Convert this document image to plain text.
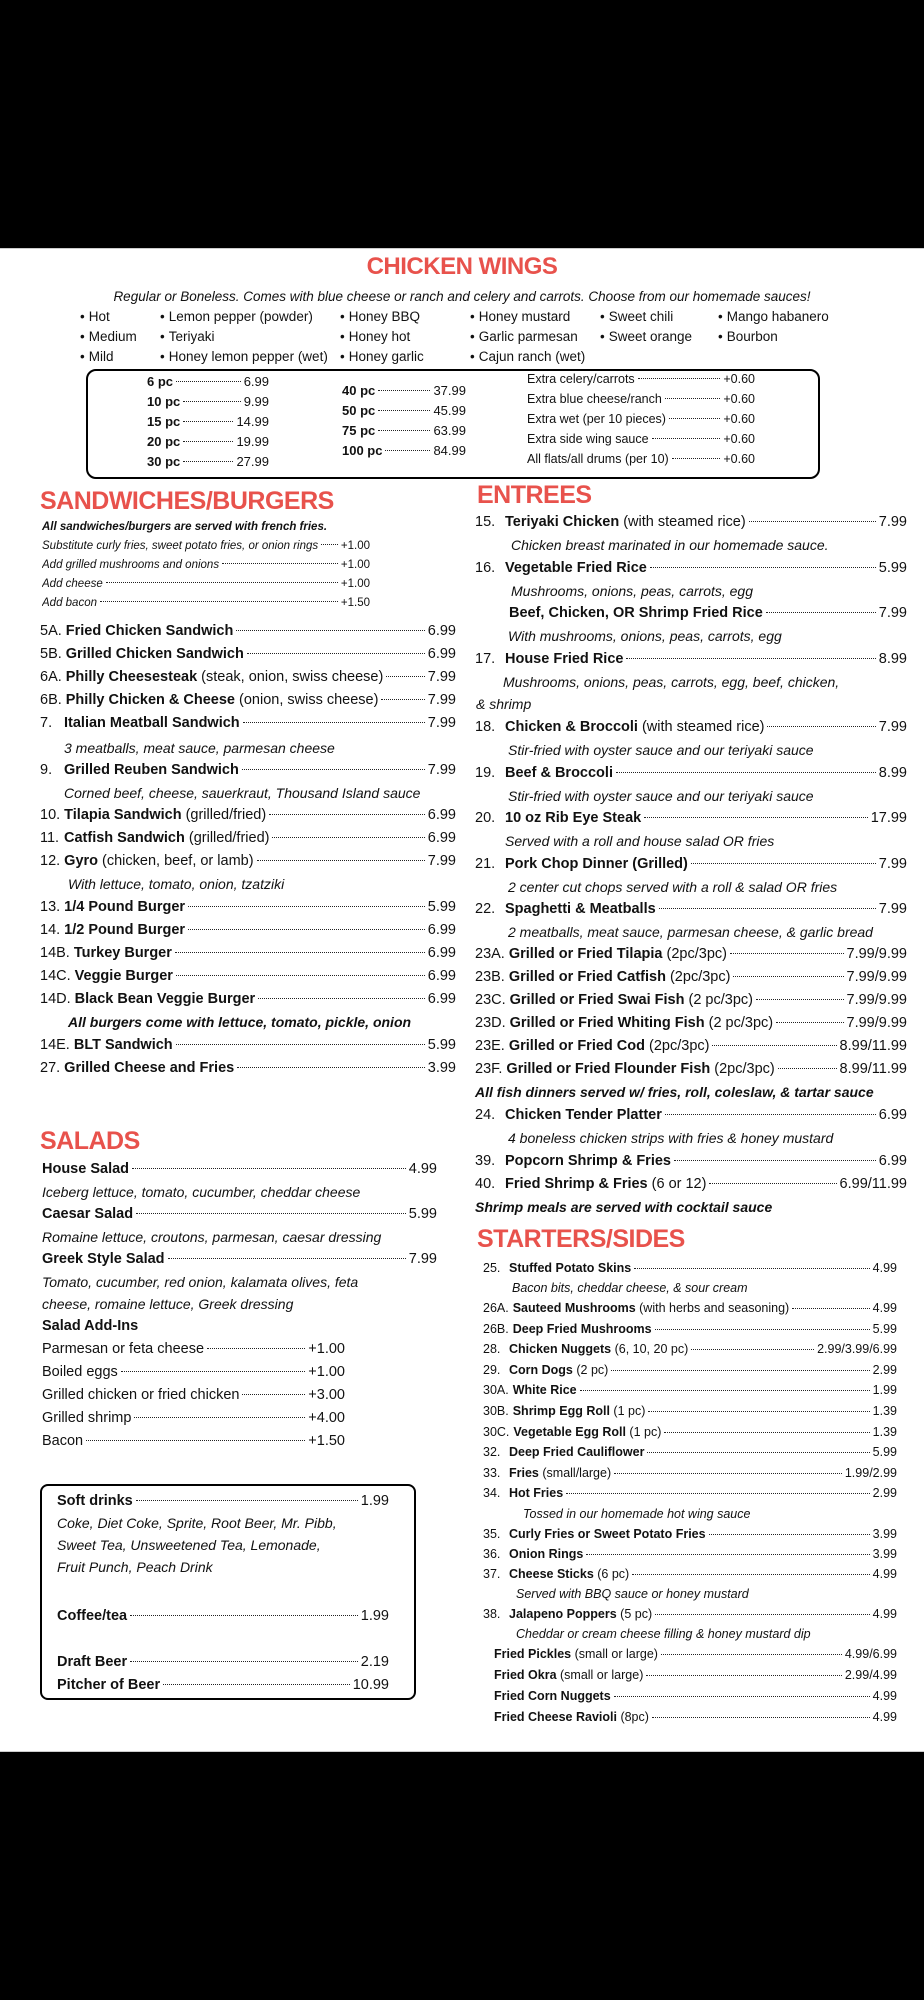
CHICKEN WINGS
Regular or Boneless. Comes with blue cheese or ranch and celery and carrots. Choose from our homemade sauces!
• Hot
• Medium
• Mild
• Lemon pepper (powder)
• Teriyaki
• Honey lemon pepper (wet)
• Honey BBQ
• Honey hot
• Honey garlic
• Honey mustard
• Garlic parmesan
• Cajun ranch (wet)
• Sweet chili
• Sweet orange
• Mango habanero
• Bourbon
6 pc	6.99
10 pc	9.99
15 pc	14.99
20 pc	19.99
30 pc	27.99
40 pc	37.99
50 pc	45.99
75 pc	63.99
100 pc	84.99
Extra celery/carrots	+0.60
Extra blue cheese/ranch	+0.60
Extra wet (per 10 pieces)	+0.60
Extra side wing sauce	+0.60
All flats/all drums (per 10)	+0.60
SANDWICHES/BURGERS
All sandwiches/burgers are served with french fries.
Substitute curly fries, sweet potato fries, or onion rings +1.00
Add grilled mushrooms and onions	+1.00
Add cheese	+1.00
Add bacon	+1.50
5A. Fried Chicken Sandwich	6.99
5B. Grilled Chicken Sandwich	6.99
6A. Philly Cheesesteak (steak, onion, swiss cheese)	7.99
6B. Philly Chicken & Cheese (onion, swiss cheese)	7.99
7. Italian Meatball Sandwich	7.99
9. Grilled Reuben Sandwich	7.99
10. Tilapia Sandwich (grilled/fried)	6.99
11. Catfish Sandwich (grilled/fried)	6.99
12. Gyro (chicken, beef, or lamb)	7.99
13. 1/4 Pound Burger	5.99
14. 1/2 Pound Burger	6.99
14B. Turkey Burger	6.99
14C. Veggie Burger	6.99
14D. Black Bean Veggie Burger	6.99
14E. BLT Sandwich	5.99
27. Grilled Cheese and Fries	3.99
3 meatballs, meat sauce, parmesan cheese
Corned beef, cheese, sauerkraut, Thousand Island sauce
With lettuce, tomato, onion, tzatziki
All burgers come with lettuce, tomato, pickle, onion
SALADS
House Salad	4.99
Caesar Salad	5.99
Greek Style Salad	7.99
Iceberg lettuce, tomato, cucumber, cheddar cheese
Romaine lettuce, croutons, parmesan, caesar dressing
Tomato, cucumber, red onion, kalamata olives, feta
cheese, romaine lettuce, Greek dressing
Salad Add-Ins
Parmesan or feta cheese	+1.00
Boiled eggs	+1.00
Grilled chicken or fried chicken	+3.00
Grilled shrimp	+4.00
Bacon	+1.50
Soft drinks	1.99
Coffee/tea	1.99
Draft Beer	2.19
Pitcher of Beer	10.99
Coke, Diet Coke, Sprite, Root Beer, Mr. Pibb,
Sweet Tea, Unsweetened Tea, Lemonade,
Fruit Punch, Peach Drink
ENTREES
15. Teriyaki Chicken (with steamed rice)	7.99
Chicken breast marinated in our homemade sauce.
16. Vegetable Fried Rice	5.99
Mushrooms, onions, peas, carrots, egg
Beef, Chicken, OR Shrimp Fried Rice	7.99
With mushrooms, onions, peas, carrots, egg
17. House Fried Rice	8.99
Mushrooms, onions, peas, carrots, egg, beef, chicken,
& shrimp
18. Chicken & Broccoli (with steamed rice)	7.99
Stir-fried with oyster sauce and our teriyaki sauce
19. Beef & Broccoli	8.99
Stir-fried with oyster sauce and our teriyaki sauce
20. 10 oz Rib Eye Steak	17.99
Served with a roll and house salad OR fries
21. Pork Chop Dinner (Grilled)	7.99
2 center cut chops served with a roll & salad OR fries
22. Spaghetti & Meatballs	7.99
2 meatballs, meat sauce, parmesan cheese, & garlic bread
23A. Grilled or Fried Tilapia (2pc/3pc)	7.99/9.99
23B. Grilled or Fried Catfish (2pc/3pc)	7.99/9.99
23C. Grilled or Fried Swai Fish (2 pc/3pc)	7.99/9.99
23D. Grilled or Fried Whiting Fish (2 pc/3pc)	7.99/9.99
23E. Grilled or Fried Cod (2pc/3pc)	8.99/11.99
23F. Grilled or Fried Flounder Fish (2pc/3pc)	8.99/11.99
All fish dinners served w/ fries, roll, coleslaw, & tartar sauce
24. Chicken Tender Platter	6.99
4 boneless chicken strips with fries & honey mustard
39. Popcorn Shrimp & Fries	6.99
40. Fried Shrimp & Fries (6 or 12)	6.99/11.99
Shrimp meals are served with cocktail sauce
STARTERS/SIDES
25. Stuffed Potato Skins	4.99
Bacon bits, cheddar cheese, & sour cream
26A. Sauteed Mushrooms (with herbs and seasoning)	4.99
26B. Deep Fried Mushrooms	5.99
28. Chicken Nuggets (6, 10, 20 pc)	2.99/3.99/6.99
29. Corn Dogs (2 pc)	2.99
30A. White Rice	1.99
30B. Shrimp Egg Roll (1 pc)	1.39
30C. Vegetable Egg Roll (1 pc)	1.39
32. Deep Fried Cauliflower	5.99
33. Fries (small/large)	1.99/2.99
34. Hot Fries	2.99
Tossed in our homemade hot wing sauce
35. Curly Fries or Sweet Potato Fries	3.99
36. Onion Rings	3.99
37. Cheese Sticks (6 pc)	4.99
Served with BBQ sauce or honey mustard
38. Jalapeno Poppers (5 pc)	4.99
Cheddar or cream cheese filling & honey mustard dip
Fried Pickles (small or large)	4.99/6.99
Fried Okra (small or large)	2.99/4.99
Fried Corn Nuggets	4.99
Fried Cheese Ravioli (8pc)	4.99
